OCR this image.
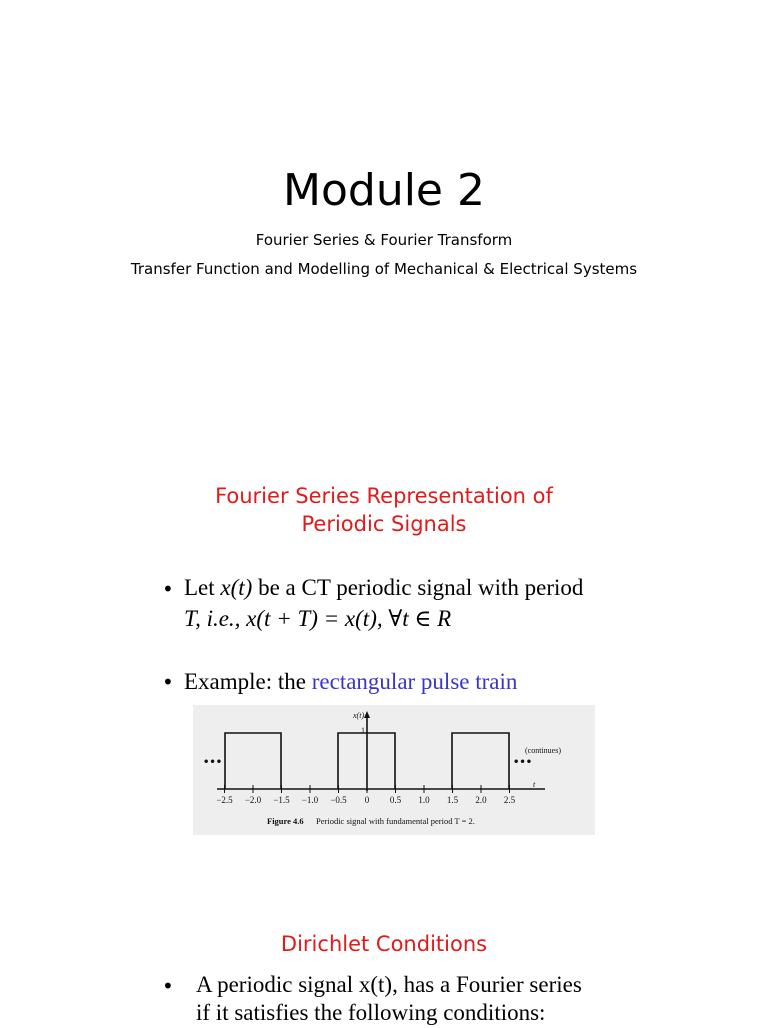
Module 2
Fourier Series & Fourier Transform
Transfer Function and Modelling of Mechanical & Electrical Systems
Fourier Series Representation of
Periodic Signals
• Let x(t) be a CT periodic signal with period
T, i.e., x(t + T) = x(t), ∀t ∈ R
• Example: the rectangular pulse train
−2.5 −2.0 −1.5 −1.0 −0.5 0 0.5 1.0 1.5 2.0 2.5
x(t)
1
t
•••	•••
(continues)
Figure 4.6 Periodic signal with fundamental period T = 2.
Dirichlet Conditions
• A periodic signal x(t), has a Fourier series
if it satisfies the following conditions:
